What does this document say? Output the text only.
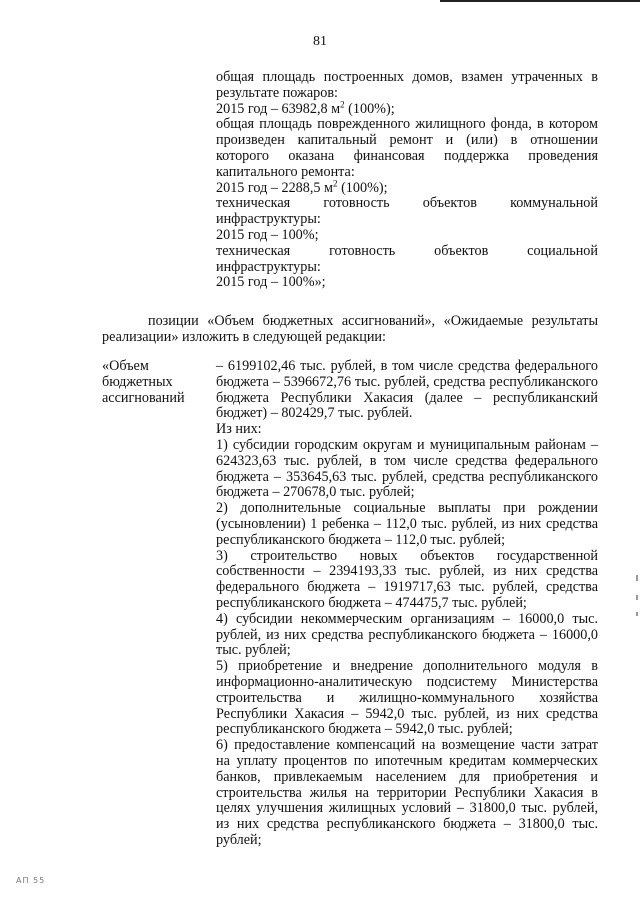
81

общая площадь построенных домов, взамен утраченных в результате пожаров:

2015 год – 63982,8 $м^2$ (100%);

общая площадь поврежденного жилищного фонда, в котором произведен капитальный ремонт и (или) в отношении которого оказана финансовая поддержка проведения капитального ремонта:

2015 год – 2288,5 $м^2$ (100%);

техническая готовность объектов коммунальной инфраструктуры:

2015 год – 100%;

техническая готовность объектов социальной инфраструктуры:

2015 год – 100%»;

позиции «Объем бюджетных ассигнований», «Ожидаемые результаты реализации» изложить в следующей редакции:
«Объем бюджетных ассигнований

– 6199102,46 тыс. рублей, в том числе средства федерального бюджета – 5396672,76 тыс. рублей, средства республиканского бюджета Республики Хакасия (далее – республиканский бюджет) – 802429,7 тыс. рублей.

Из них:

1) субсидии городским округам и муниципальным районам – 624323,63 тыс. рублей, в том числе средства федерального бюджета – 353645,63 тыс. рублей, средства республиканского бюджета – 270678,0 тыс. рублей;

2) дополнительные социальные выплаты при рождении (усыновлении) 1 ребенка – 112,0 тыс. рублей, из них средства республиканского бюджета – 112,0 тыс. рублей;

3) строительство новых объектов государственной собственности – 2394193,33 тыс. рублей, из них средства федерального бюджета – 1919717,63 тыс. рублей, средства республиканского бюджета – 474475,7 тыс. рублей;

4) субсидии некоммерческим организациям – 16000,0 тыс. рублей, из них средства республиканского бюджета – 16000,0 тыс. рублей;

5) приобретение и внедрение дополнительного модуля в информационно-аналитическую подсистему Министерства строительства и жилищно-коммунального хозяйства Республики Хакасия – 5942,0 тыс. рублей, из них средства республиканского бюджета – 5942,0 тыс. рублей;

6) предоставление компенсаций на возмещение части затрат на уплату процентов по ипотечным кредитам коммерческих банков, привлекаемым населением для приобретения и строительства жилья на территории Республики Хакасия в целях улучшения жилищных условий – 31800,0 тыс. рублей, из них средства республиканского бюджета – 31800,0 тыс. рублей;

АП 55
